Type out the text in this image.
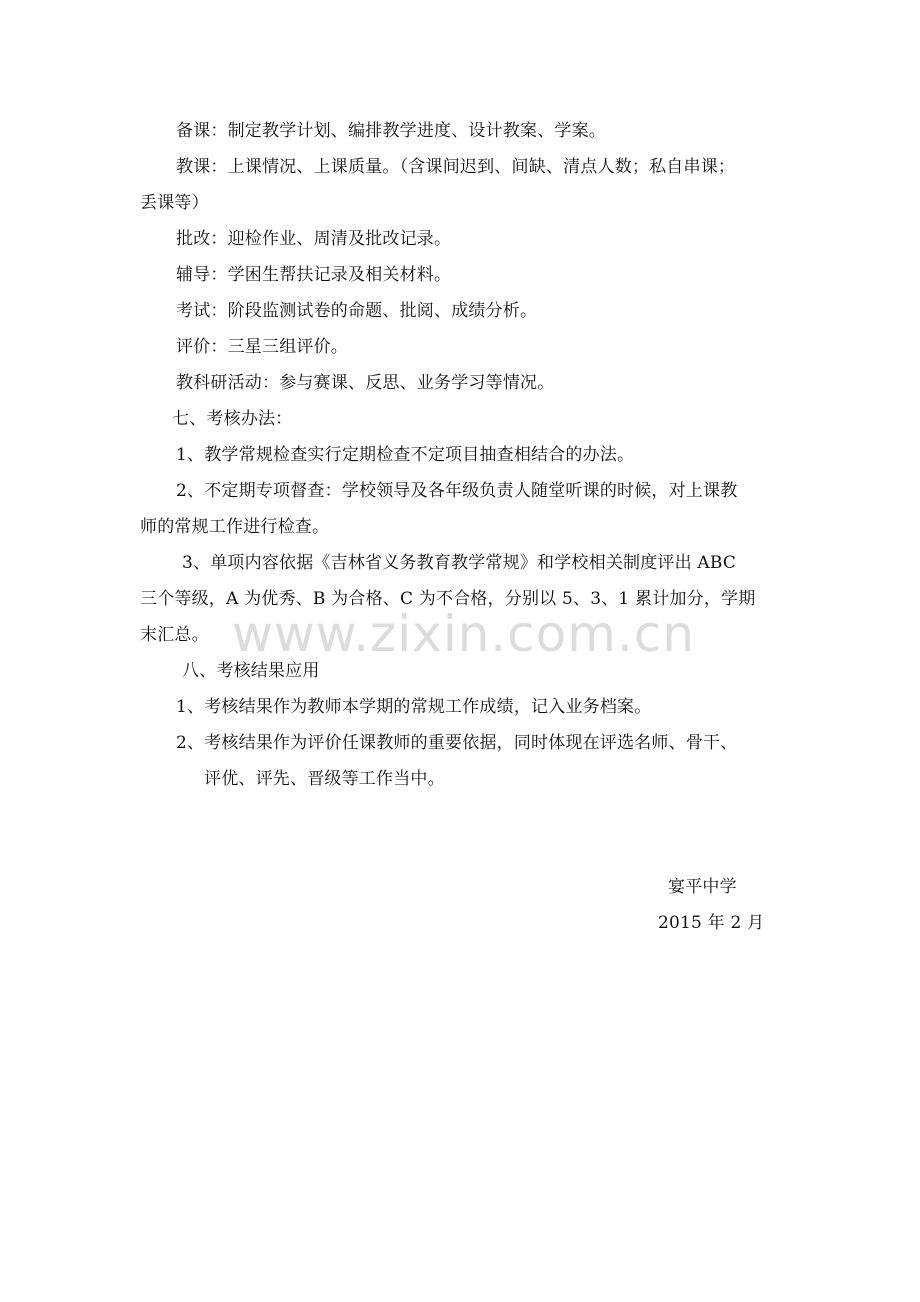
www.zixin.com.cn
备课：制定教学计划、编排教学进度、设计教案、学案。
教课：上课情况、上课质量。（含课间迟到、间缺、清点人数；私自串课；
丢课等）
批改：迎检作业、周清及批改记录。
辅导：学困生帮扶记录及相关材料。
考试：阶段监测试卷的命题、批阅、成绩分析。
评价：三星三组评价。
教科研活动：参与赛课、反思、业务学习等情况。
七、考核办法：
1、教学常规检查实行定期检查不定项目抽查相结合的办法。
2、不定期专项督查：学校领导及各年级负责人随堂听课的时候，对上课教
师的常规工作进行检查。
3、单项内容依据《吉林省义务教育教学常规》和学校相关制度评出 ABC
三个等级，A 为优秀、B 为合格、C 为不合格，分别以 5、3、1 累计加分，学期
末汇总。
八、考核结果应用
1、考核结果作为教师本学期的常规工作成绩，记入业务档案。
2、考核结果作为评价任课教师的重要依据，同时体现在评选名师、骨干、
评优、评先、晋级等工作当中。
宴平中学
2015 年 2 月
